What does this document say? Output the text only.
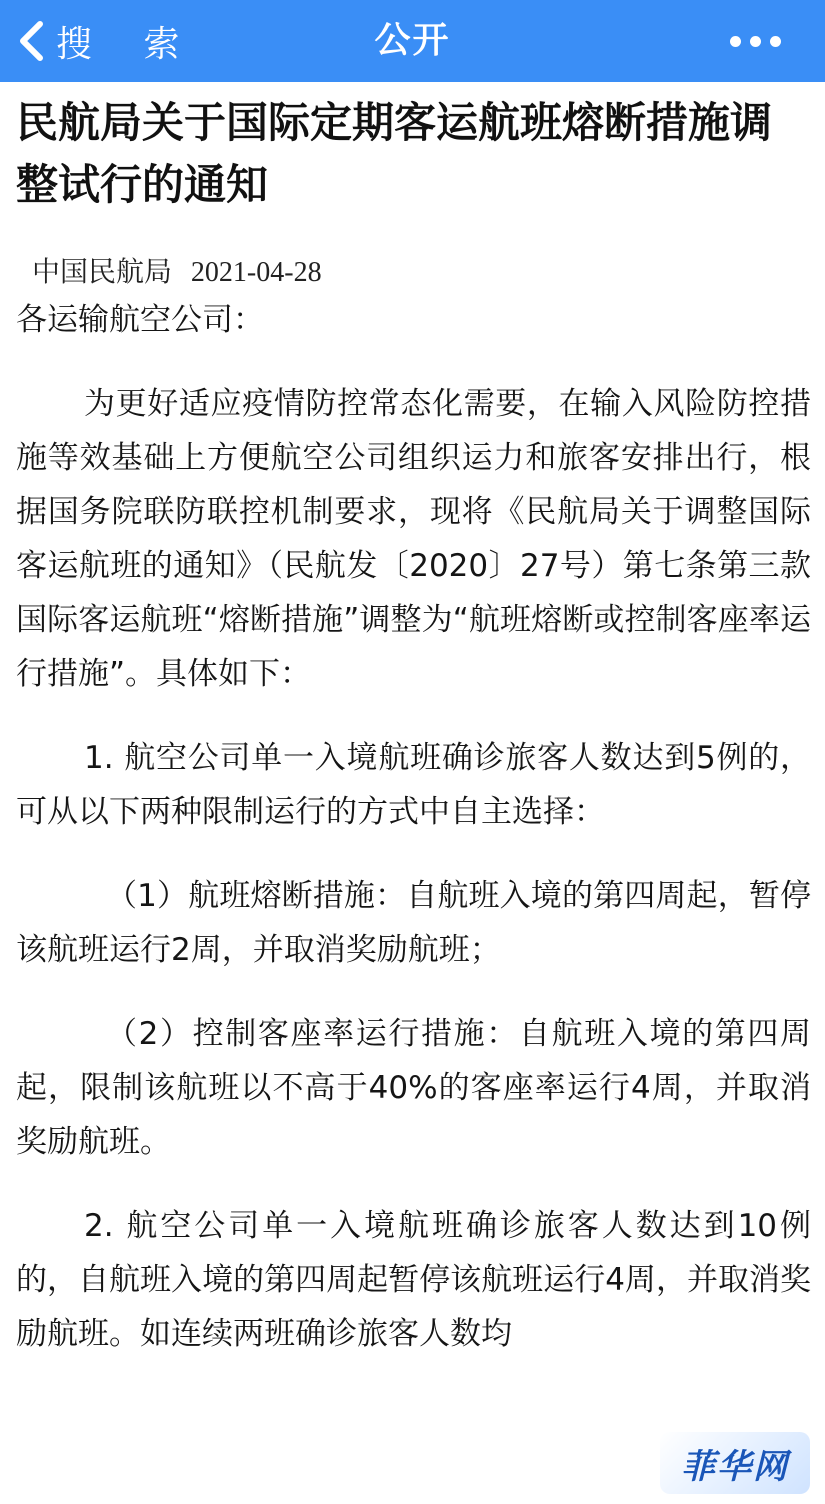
搜 索	公开
民航局关于国际定期客运航班熔断措施调整试行的通知
中国民航局 2021-04-28

各运输航空公司：

为更好适应疫情防控常态化需要，在输入风险防控措施等效基础上方便航空公司组织运力和旅客安排出行，根据国务院联防联控机制要求，现将《民航局关于调整国际客运航班的通知》（民航发〔2020〕27号）第七条第三款国际客运航班“熔断措施”调整为“航班熔断或控制客座率运行措施”。具体如下：

1. 航空公司单一入境航班确诊旅客人数达到5例的，可从以下两种限制运行的方式中自主选择：

（1）航班熔断措施：自航班入境的第四周起，暂停该航班运行2周，并取消奖励航班；

（2）控制客座率运行措施：自航班入境的第四周起，限制该航班以不高于40%的客座率运行4周，并取消奖励航班。

2. 航空公司单一入境航班确诊旅客人数达到10例的，自航班入境的第四周起暂停该航班运行4周，并取消奖励航班。如连续两班确诊旅客人数均

菲华网
